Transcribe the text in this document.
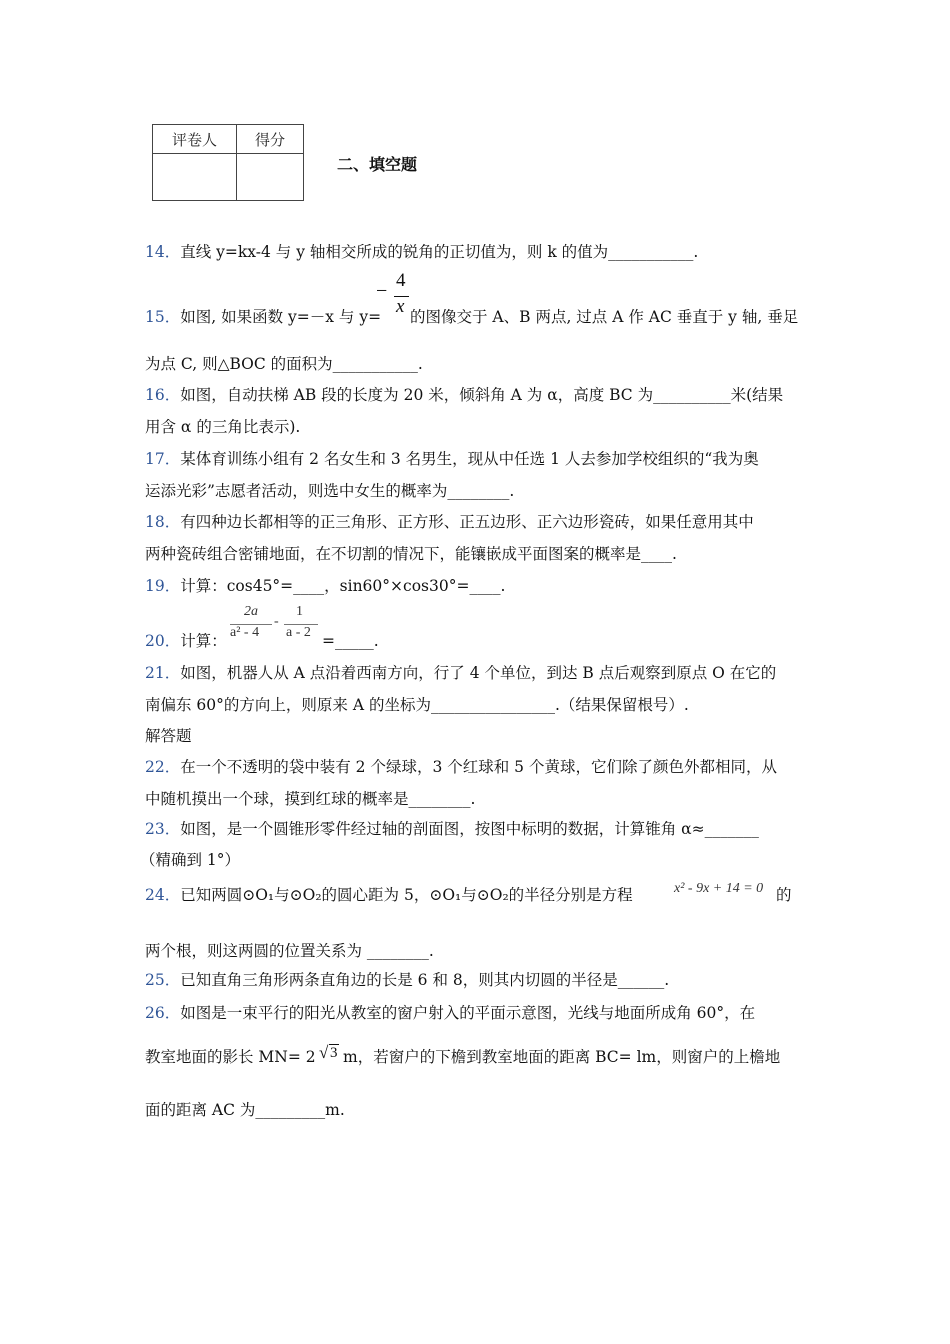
评卷人	得分

二、填空题
14．直线 y=kx-4 与 y 轴相交所成的锐角的正切值为，则 k 的值为___________.
− 4
x
15．如图, 如果函数 y=－x 与 y= 的图像交于 A、B 两点, 过点 A 作 AC 垂直于 y 轴, 垂足
为点 C, 则△BOC 的面积为___________.
16．如图，自动扶梯 AB 段的长度为 20 米，倾斜角 A 为 α，高度 BC 为__________米(结果
用含 α 的三角比表示).
17．某体育训练小组有 2 名女生和 3 名男生，现从中任选 1 人去参加学校组织的“我为奥
运添光彩”志愿者活动，则选中女生的概率为________.
18．有四种边长都相等的正三角形、正方形、正五边形、正六边形瓷砖，如果任意用其中
两种瓷砖组合密铺地面，在不切割的情况下，能镶嵌成平面图案的概率是____.
19．计算：cos45°=____，sin60°×cos30°=____.
20．计算：
2a
a² - 4
-
1
a - 2 =_____.
21．如图，机器人从 A 点沿着西南方向，行了 4 个单位，到达 B 点后观察到原点 O 在它的
南偏东 60°的方向上，则原来 A 的坐标为________________.（结果保留根号）.
解答题
22．在一个不透明的袋中装有 2 个绿球，3 个红球和 5 个黄球，它们除了颜色外都相同，从
中随机摸出一个球，摸到红球的概率是________.
23．如图，是一个圆锥形零件经过轴的剖面图，按图中标明的数据，计算锥角 α≈_______
（精确到 1°）
24．已知两圆⊙O₁与⊙O₂的圆心距为 5，⊙O₁与⊙O₂的半径分别是方程	x² - 9x + 14 = 0 的
两个根，则这两圆的位置关系为 ________.
25．已知直角三角形两条直角边的长是 6 和 8，则其内切圆的半径是______.
26．如图是一束平行的阳光从教室的窗户射入的平面示意图，光线与地面所成角 60°，在
教室地面的影长 MN= 2 √ 3 m，若窗户的下檐到教室地面的距离 BC= lm，则窗户的上檐地
面的距离 AC 为_________m.
